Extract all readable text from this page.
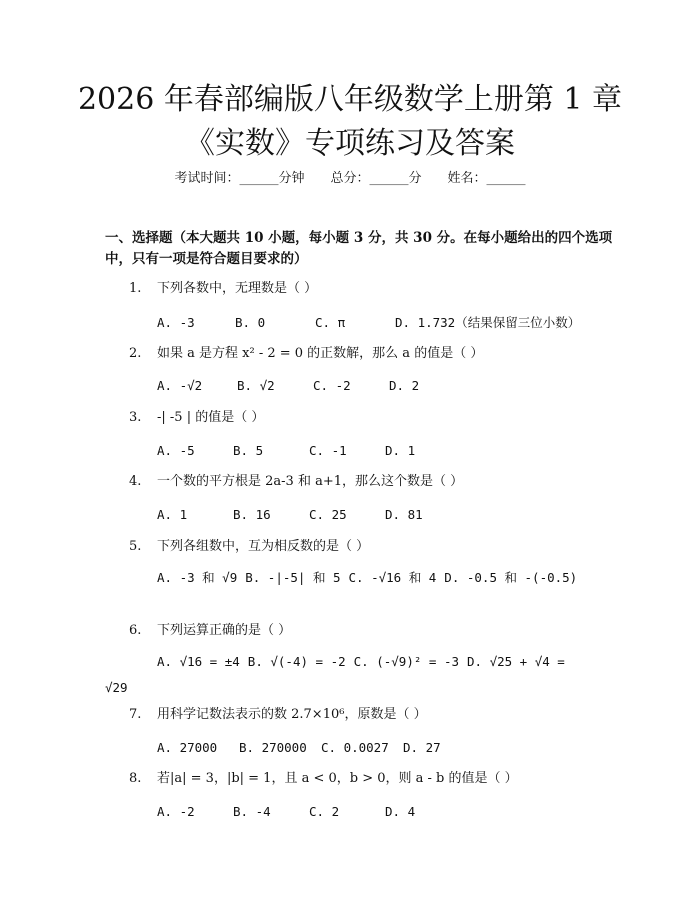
2026 年春部编版八年级数学上册第 1 章《实数》专项练习及答案
考试时间：______分钟 总分：______分 姓名：______
一、选择题（本大题共 10 小题，每小题 3 分，共 30 分。在每小题给出的四个选项中，只有一项是符合题目要求的）
1. 下列各数中，无理数是（ ）
A. -3	B. 0	C. π	D. 1.732（结果保留三位小数）
2. 如果 a 是方程 x² - 2 = 0 的正数解，那么 a 的值是（ ）
A. -√2	B. √2	C. -2	D. 2
3. -| -5 | 的值是（ ）
A. -5	B. 5	C. -1	D. 1
4. 一个数的平方根是 2a-3 和 a+1，那么这个数是（ ）
A. 1	B. 16	C. 25	D. 81
5. 下列各组数中，互为相反数的是（ ）
A. -3 和 √9 B. -|-5| 和 5 C. -√16 和 4 D. -0.5 和 -(-0.5)
6. 下列运算正确的是（ ）
A. √16 = ±4 B. √(-4) = -2 C. (-√9)² = -3 D. √25 + √4 = √29
7. 用科学记数法表示的数 2.7×10⁶，原数是（ ）
A. 27000 B. 270000 C. 0.0027 D. 27
8. 若|a| = 3，|b| = 1，且 a < 0，b > 0，则 a - b 的值是（ ）
A. -2	B. -4	C. 2	D. 4
